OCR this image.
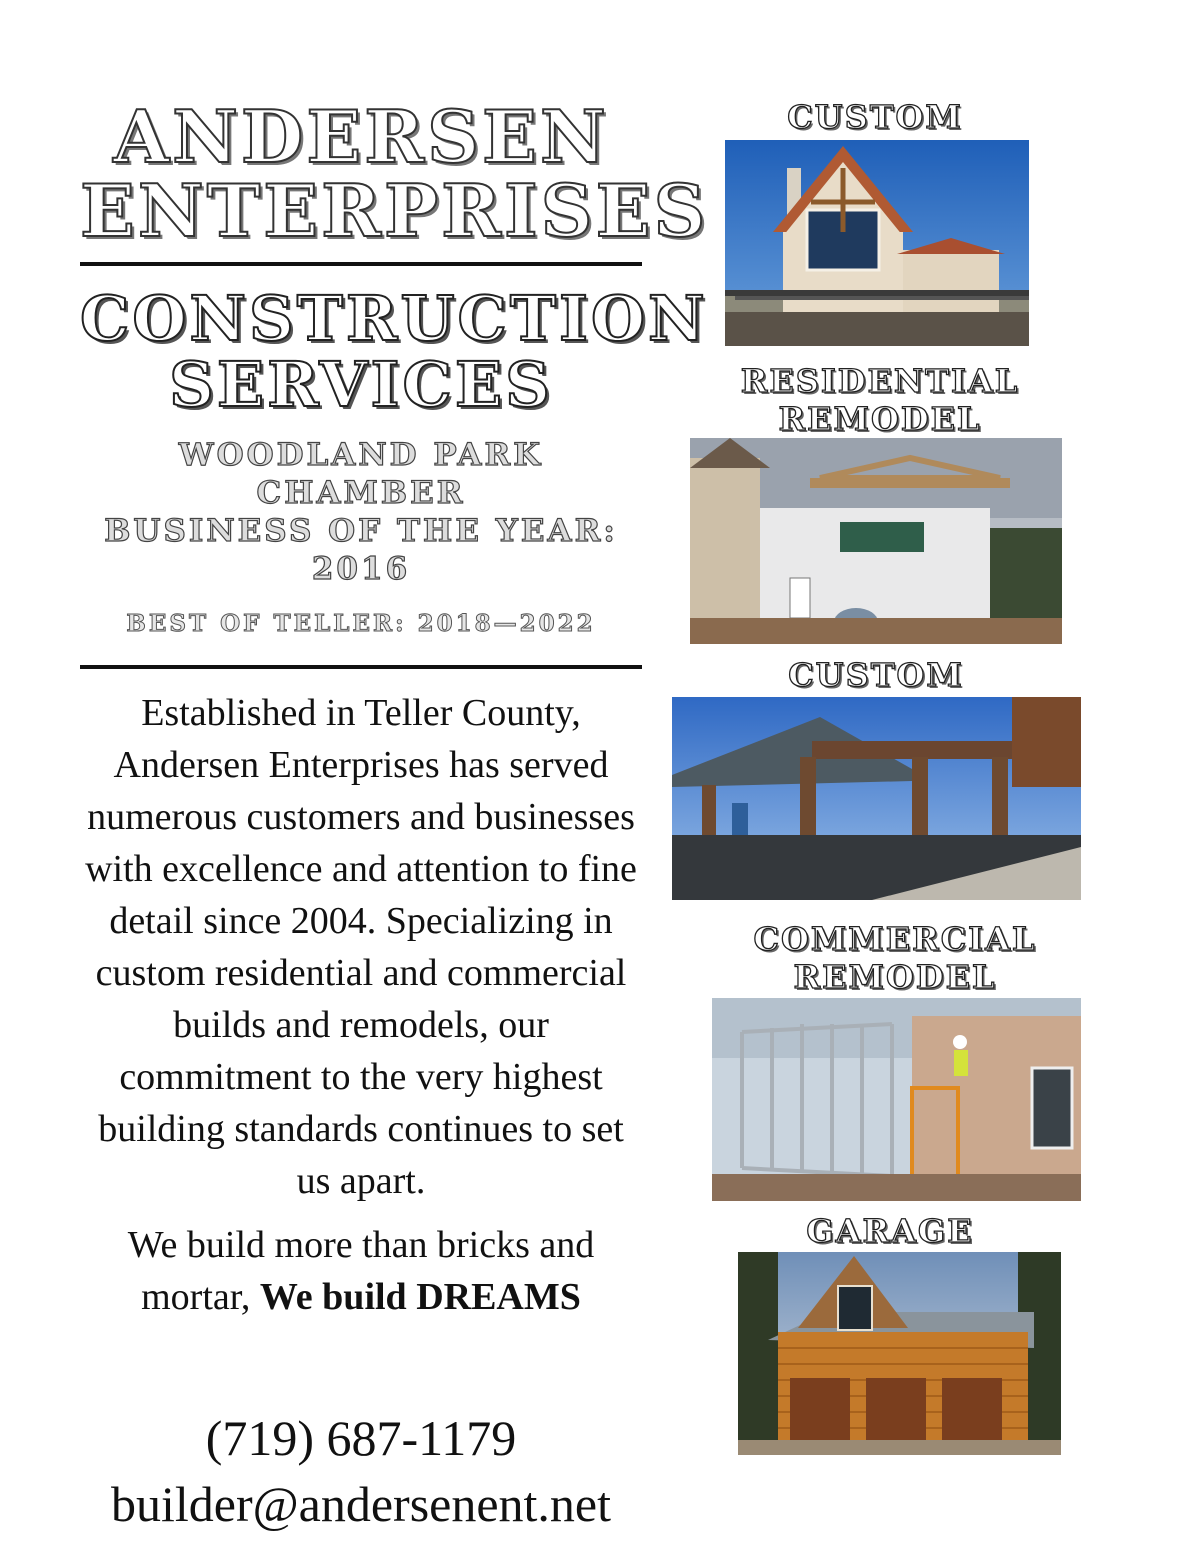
ANDERSEN
ENTERPRISES
CONSTRUCTION
SERVICES
WOODLAND PARK CHAMBER
BUSINESS OF THE YEAR: 2016
BEST OF TELLER: 2018—2022

Established in Teller County, Andersen Enterprises has served numerous customers and businesses with excellence and attention to fine detail since 2004. Specializing in custom residential and commercial builds and remodels, our commitment to the very highest building standards continues to set us apart.

We build more than bricks and mortar, We build DREAMS

(719) 687-1179
builder@andersenent.net
CUSTOM
RESIDENTIAL
REMODEL
CUSTOM
COMMERCIAL
REMODEL
GARAGE
